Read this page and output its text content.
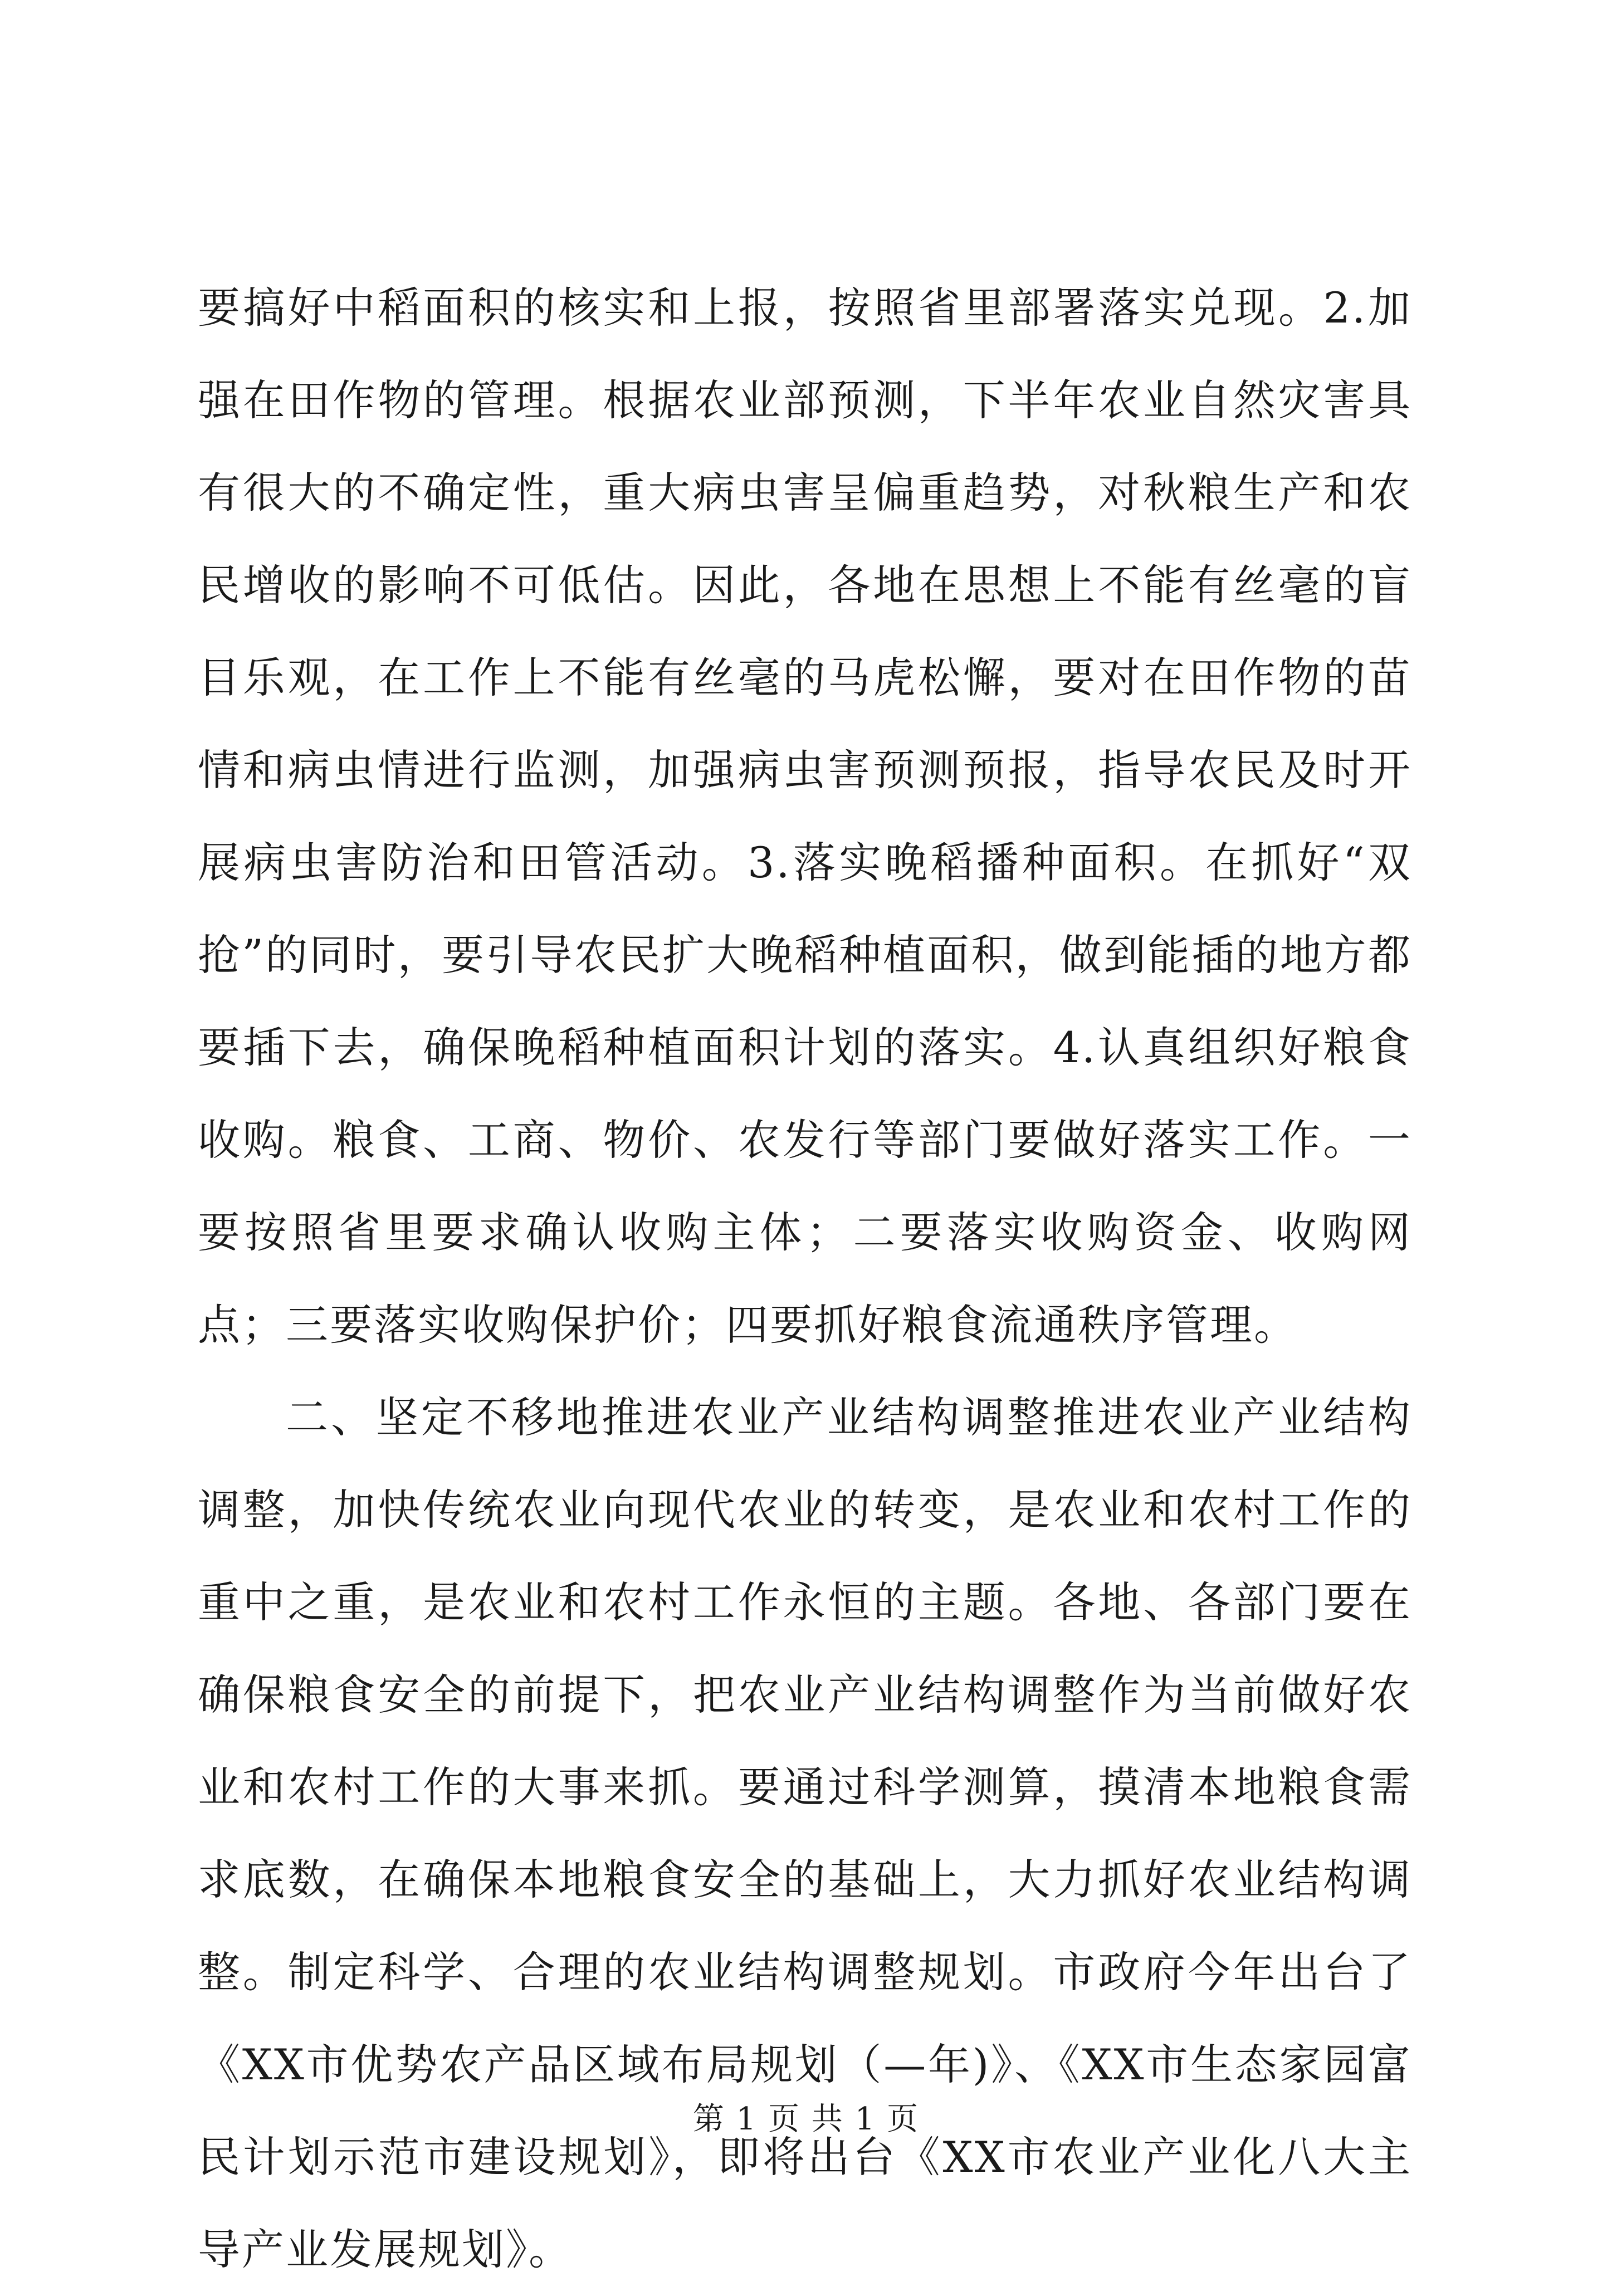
要搞好中稻面积的核实和上报，按照省里部署落实兑现。2.加强在田作物的管理。根据农业部预测，下半年农业自然灾害具有很大的不确定性，重大病虫害呈偏重趋势，对秋粮生产和农民增收的影响不可低估。因此，各地在思想上不能有丝毫的盲目乐观，在工作上不能有丝毫的马虎松懈，要对在田作物的苗情和病虫情进行监测，加强病虫害预测预报，指导农民及时开展病虫害防治和田管活动。3.落实晚稻播种面积。在抓好“双抢”的同时，要引导农民扩大晚稻种植面积，做到能插的地方都要插下去，确保晚稻种植面积计划的落实。4.认真组织好粮食收购。粮食、工商、物价、农发行等部门要做好落实工作。一要按照省里要求确认收购主体；二要落实收购资金、收购网点；三要落实收购保护价；四要抓好粮食流通秩序管理。

二、坚定不移地推进农业产业结构调整推进农业产业结构调整，加快传统农业向现代农业的转变，是农业和农村工作的重中之重，是农业和农村工作永恒的主题。各地、各部门要在确保粮食安全的前提下，把农业产业结构调整作为当前做好农业和农村工作的大事来抓。要通过科学测算，摸清本地粮食需求底数，在确保本地粮食安全的基础上，大力抓好农业结构调整。制定科学、合理的农业结构调整规划。市政府今年出台了《XX市优势农产品区域布局规划（—年)》、《XX市生态家园富民计划示范市建设规划》，即将出台《XX市农业产业化八大主导产业发展规划》。

第 1 页 共 1 页
